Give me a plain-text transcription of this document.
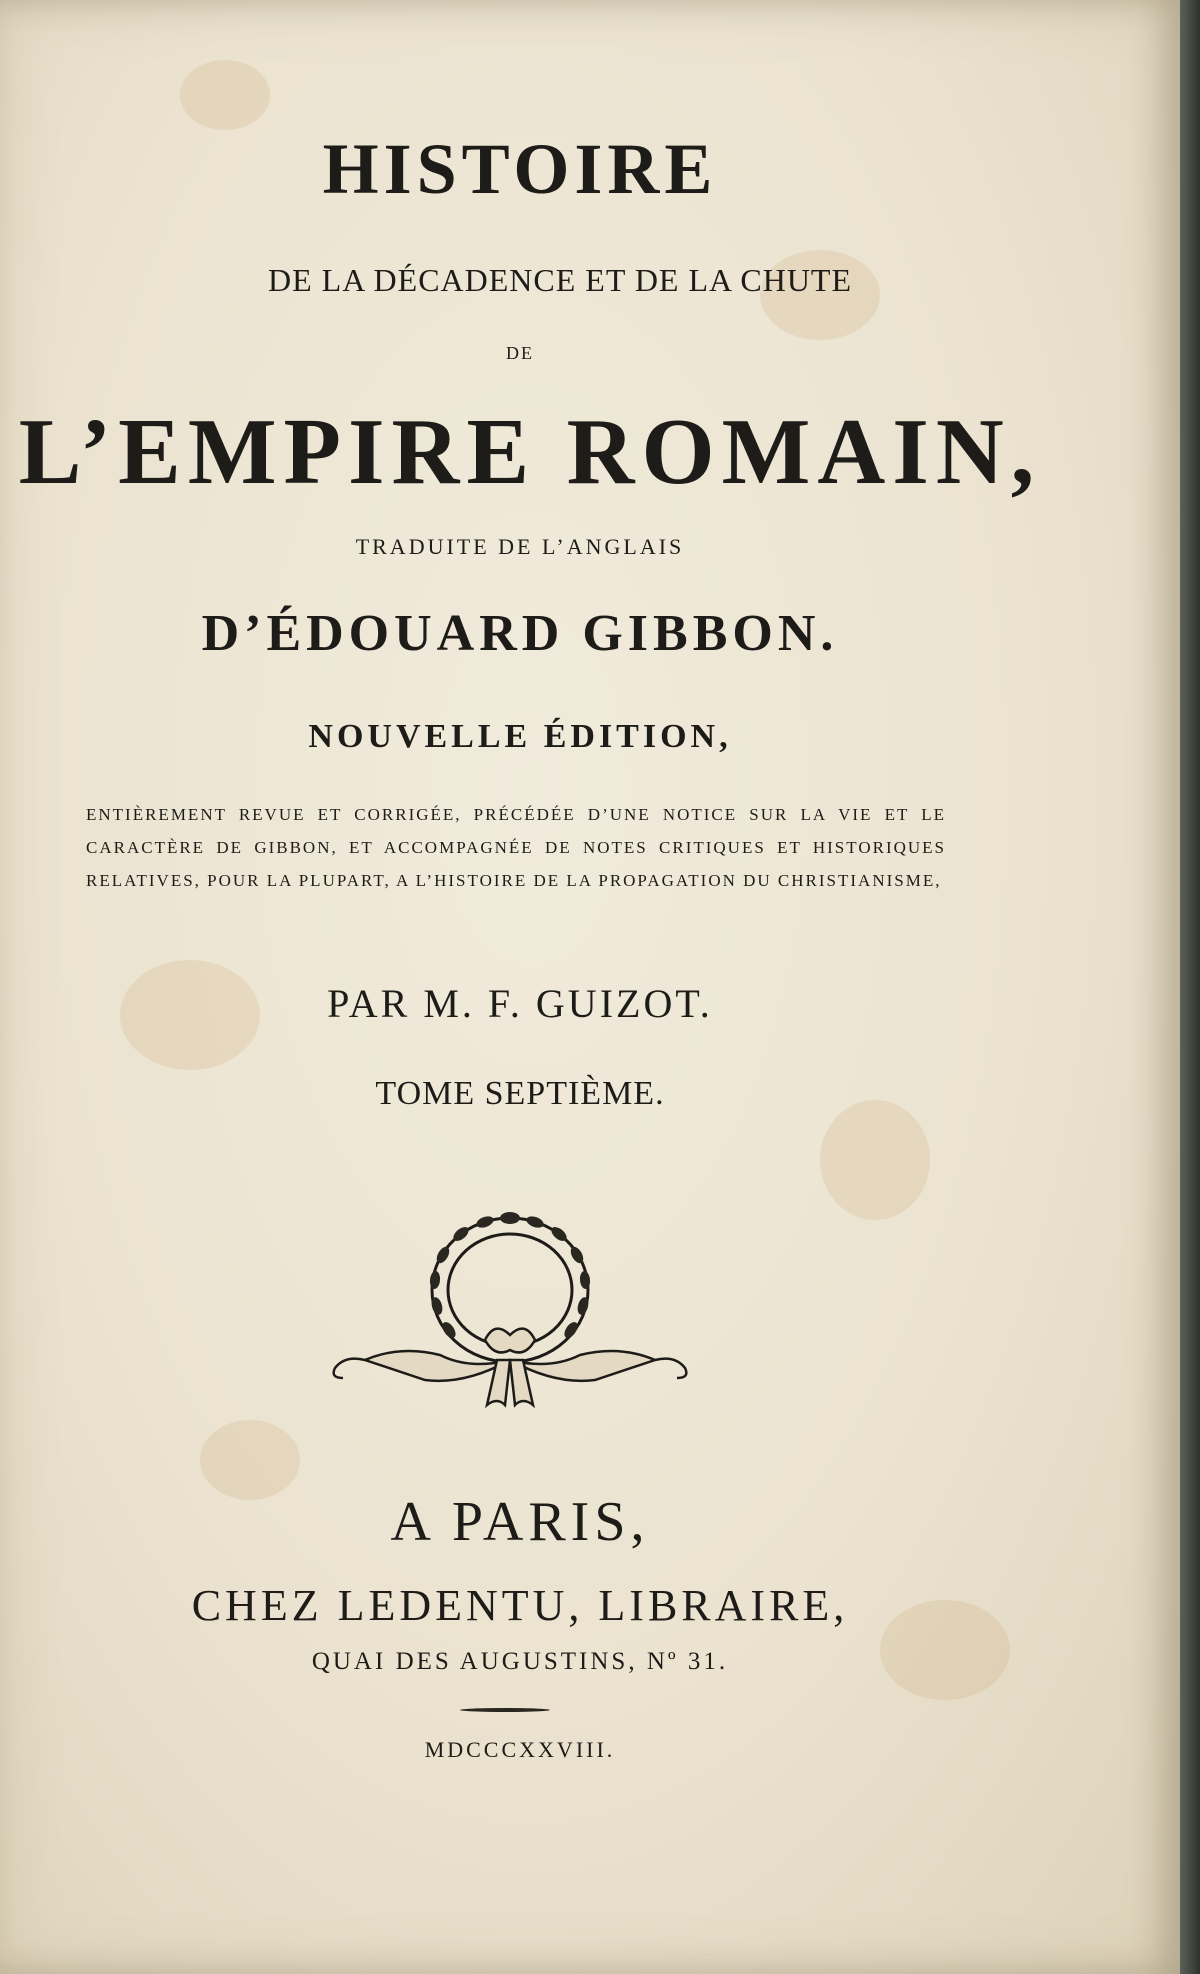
HISTOIRE
DE LA DÉCADENCE ET DE LA CHUTE
DE
L’EMPIRE ROMAIN,
TRADUITE DE L’ANGLAIS
D’ÉDOUARD GIBBON.
NOUVELLE ÉDITION,
ENTIÈREMENT REVUE ET CORRIGÉE, PRÉCÉDÉE D’UNE NOTICE SUR LA VIE ET LE CARACTÈRE DE GIBBON, ET ACCOMPAGNÉE DE NOTES CRITIQUES ET HISTORIQUES RELATIVES, POUR LA PLUPART, A L’HISTOIRE DE LA PROPAGATION DU CHRISTIANISME,
PAR M. F. GUIZOT.
TOME SEPTIÈME.
A PARIS,
CHEZ LEDENTU, LIBRAIRE,
QUAI DES AUGUSTINS, Nº 31.
MDCCCXXVIII.
